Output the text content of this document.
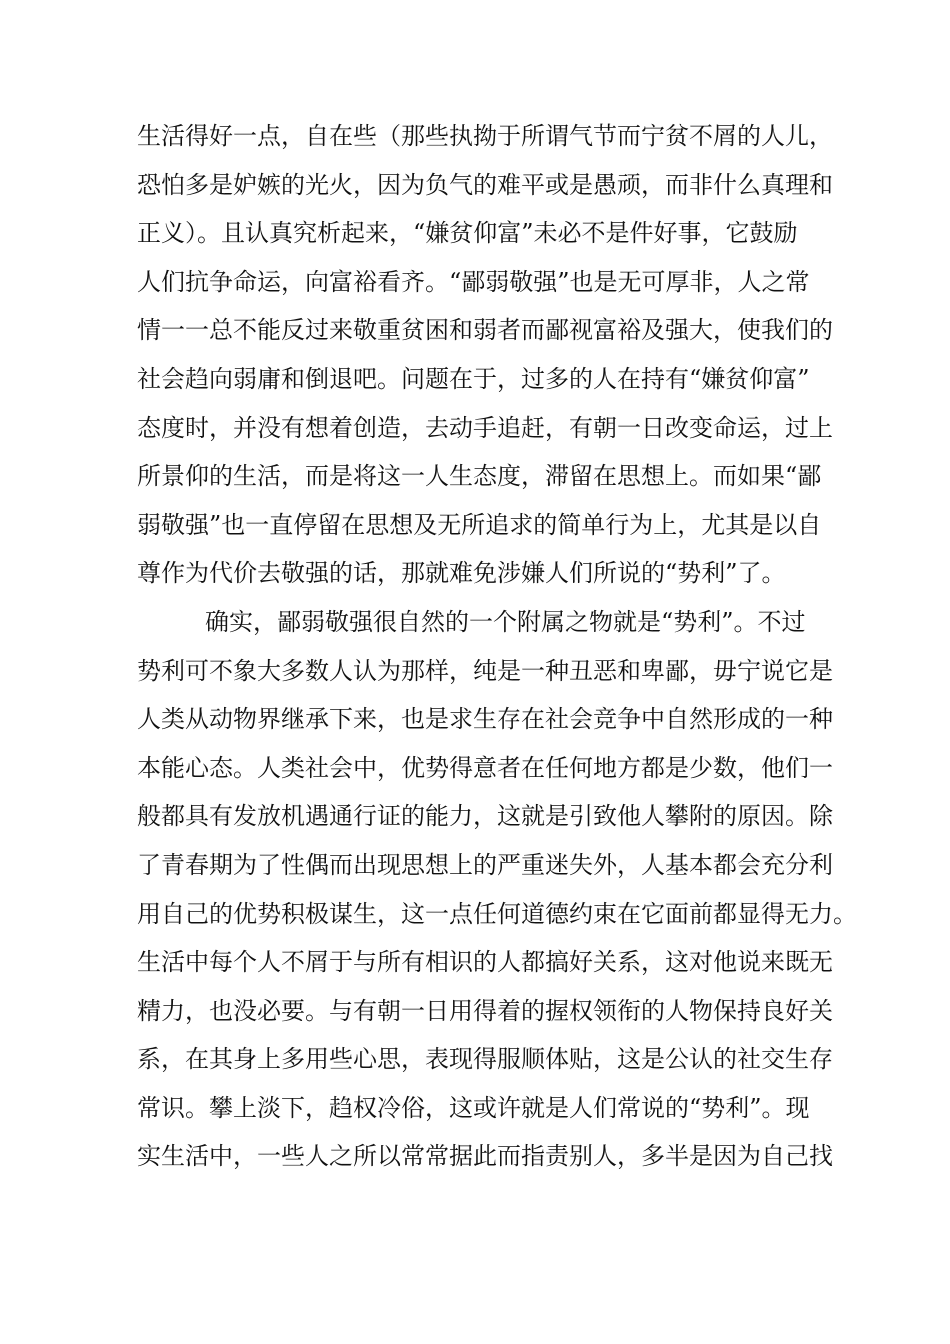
生活得好一点，自在些（那些执拗于所谓气节而宁贫不屑的人儿，
恐怕多是妒嫉的光火，因为负气的难平或是愚顽，而非什么真理和
正义）。且认真究析起来，“嫌贫仰富”未必不是件好事，它鼓励
人们抗争命运，向富裕看齐。“鄙弱敬强”也是无可厚非，人之常
情一一总不能反过来敬重贫困和弱者而鄙视富裕及强大，使我们的
社会趋向弱庸和倒退吧。问题在于，过多的人在持有“嫌贫仰富”
态度时，并没有想着创造，去动手追赶，有朝一日改变命运，过上
所景仰的生活，而是将这一人生态度，滞留在思想上。而如果“鄙
弱敬强”也一直停留在思想及无所追求的简单行为上，尤其是以自
尊作为代价去敬强的话，那就难免涉嫌人们所说的“势利”了。
确实，鄙弱敬强很自然的一个附属之物就是“势利”。不过
势利可不象大多数人认为那样，纯是一种丑恶和卑鄙，毋宁说它是
人类从动物界继承下来，也是求生存在社会竞争中自然形成的一种
本能心态。人类社会中，优势得意者在任何地方都是少数，他们一
般都具有发放机遇通行证的能力，这就是引致他人攀附的原因。除
了青春期为了性偶而出现思想上的严重迷失外，人基本都会充分利
用自己的优势积极谋生，这一点任何道德约束在它面前都显得无力。
生活中每个人不屑于与所有相识的人都搞好关系，这对他说来既无
精力，也没必要。与有朝一日用得着的握权领衔的人物保持良好关
系，在其身上多用些心思，表现得服顺体贴，这是公认的社交生存
常识。攀上淡下，趋权冷俗，这或许就是人们常说的“势利”。现
实生活中，一些人之所以常常据此而指责别人，多半是因为自己找
